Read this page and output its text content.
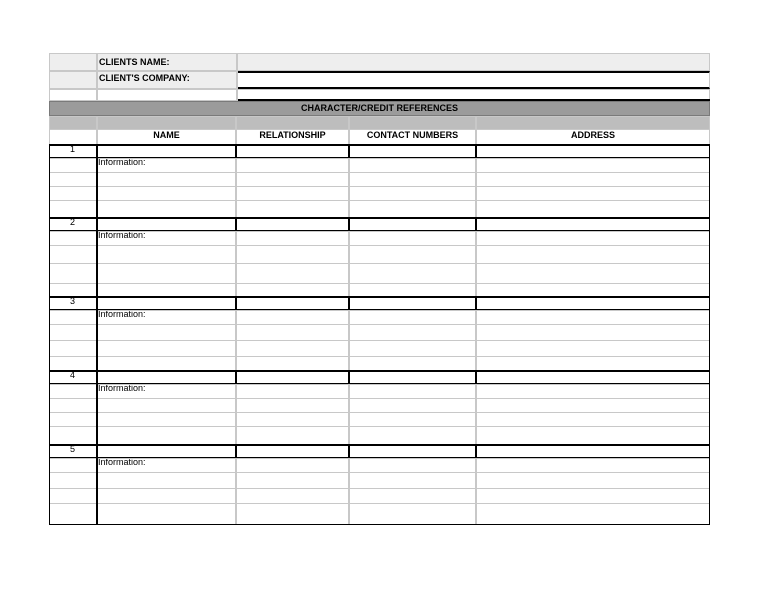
CLIENTS NAME:
CLIENT'S COMPANY:
CHARACTER/CREDIT REFERENCES
NAME	RELATIONSHIP	CONTACT NUMBERS	ADDRESS
1
Information:
2
Information:
3
Information:
4
Information:
5
Information:
